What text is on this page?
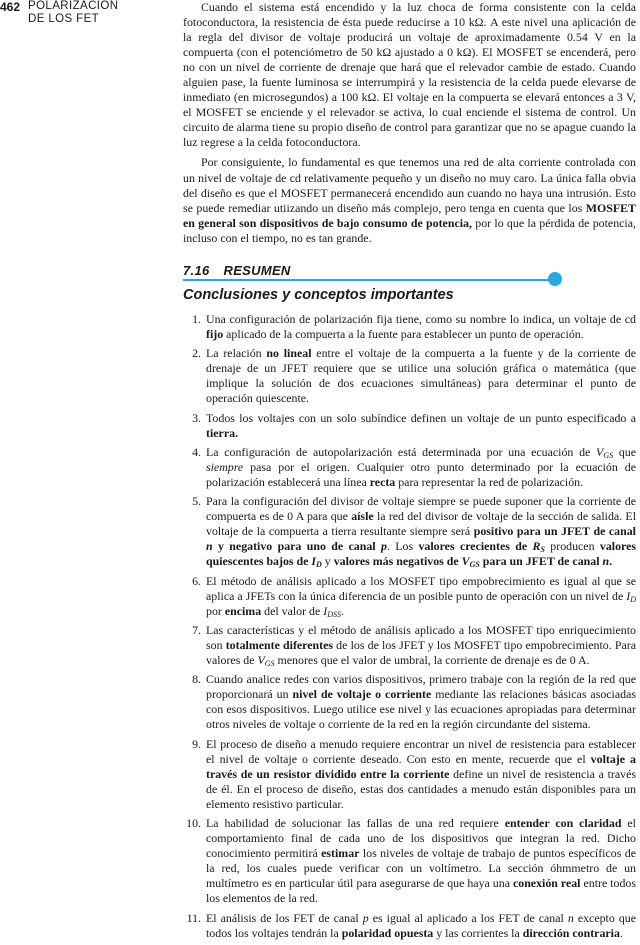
462 POLARIZACIÓN
DE LOS FET

Cuando el sistema está encendido y la luz choca de forma consistente con la celda fotoconductora, la resistencia de ésta puede reducirse a 10 kΩ. A este nivel una aplicación de la regla del divisor de voltaje producirá un voltaje de aproximadamente 0.54 V en la compuerta (con el potenciómetro de 50 kΩ ajustado a 0 kΩ). El MOSFET se encenderá, pero no con un nivel de corriente de drenaje que hará que el relevador cambie de estado. Cuando alguien pase, la fuente luminosa se interrumpirá y la resistencia de la celda puede elevarse de inmediato (en microsegundos) a 100 kΩ. El voltaje en la compuerta se elevará entonces a 3 V, el MOSFET se enciende y el relevador se activa, lo cual enciende el sistema de control. Un circuito de alarma tiene su propio diseño de control para garantizar que no se apague cuando la luz regrese a la celda fotoconductora.

Por consiguiente, lo fundamental es que tenemos una red de alta corriente controlada con un nivel de voltaje de cd relativamente pequeño y un diseño no muy caro. La única falla obvia del diseño es que el MOSFET permanecerá encendido aun cuando no haya una intrusión. Esto se puede remediar utiizando un diseño más complejo, pero tenga en cuenta que los MOSFET en general son dispositivos de bajo consumo de potencia, por lo que la pérdida de potencia, incluso con el tiempo, no es tan grande.

7.16 RESUMEN
Conclusiones y conceptos importantes
1. Una configuración de polarización fija tiene, como su nombre lo indica, un voltaje de cd fijo aplicado de la compuerta a la fuente para establecer un punto de operación.
2. La relación no lineal entre el voltaje de la compuerta a la fuente y de la corriente de drenaje de un JFET requiere que se utilice una solución gráfica o matemática (que implique la solución de dos ecuaciones simultáneas) para determinar el punto de operación quiescente.
3. Todos los voltajes con un solo subíndice definen un voltaje de un punto especificado a tierra.
4. La configuración de autopolarización está determinada por una ecuación de $V_{GS}$ que siempre pasa por el origen. Cualquier otro punto determinado por la ecuación de polarización establecerá una línea recta para representar la red de polarización.
5. Para la configuración del divisor de voltaje siempre se puede suponer que la corriente de compuerta es de 0 A para que aísle la red del divisor de voltaje de la sección de salida. El voltaje de la compuerta a tierra resultante siempre será positivo para un JFET de canal n y negativo para uno de canal p. Los valores crecientes de $R_S$ producen valores quiescentes bajos de $I_D$ y valores más negativos de $V_{GS}$ para un JFET de canal n.
6. El método de análisis aplicado a los MOSFET tipo empobrecimiento es igual al que se aplica a JFETs con la única diferencia de un posible punto de operación con un nivel de $I_D$ por encima del valor de $I_{DSS}$.
7. Las características y el método de análisis aplicado a los MOSFET tipo enriquecimiento son totalmente diferentes de los de los JFET y los MOSFET tipo empobrecimiento. Para valores de $V_{GS}$ menores que el valor de umbral, la corriente de drenaje es de 0 A.
8. Cuando analice redes con varios dispositivos, primero trabaje con la región de la red que proporcionará un nivel de voltaje o corriente mediante las relaciones básicas asociadas con esos dispositivos. Luego utilice ese nivel y las ecuaciones apropiadas para determinar otros niveles de voltaje o corriente de la red en la región circundante del sistema.
9. El proceso de diseño a menudo requiere encontrar un nivel de resistencia para establecer el nivel de voltaje o corriente deseado. Con esto en mente, recuerde que el voltaje a través de un resistor dividido entre la corriente define un nivel de resistencia a través de él. En el proceso de diseño, estas dos cantidades a menudo están disponibles para un elemento resistivo particular.
10. La habilidad de solucionar las fallas de una red requiere entender con claridad el comportamiento final de cada uno de los dispositivos que integran la red. Dicho conocimiento permitirá estimar los niveles de voltaje de trabajo de puntos específicos de la red, los cuales puede verificar con un voltímetro. La sección óhmmetro de un multímetro es en particular útil para asegurarse de que haya una conexión real entre todos los elementos de la red.
11. El análisis de los FET de canal p es igual al aplicado a los FET de canal n excepto que todos los voltajes tendrán la polaridad opuesta y las corrientes la dirección contraria.
